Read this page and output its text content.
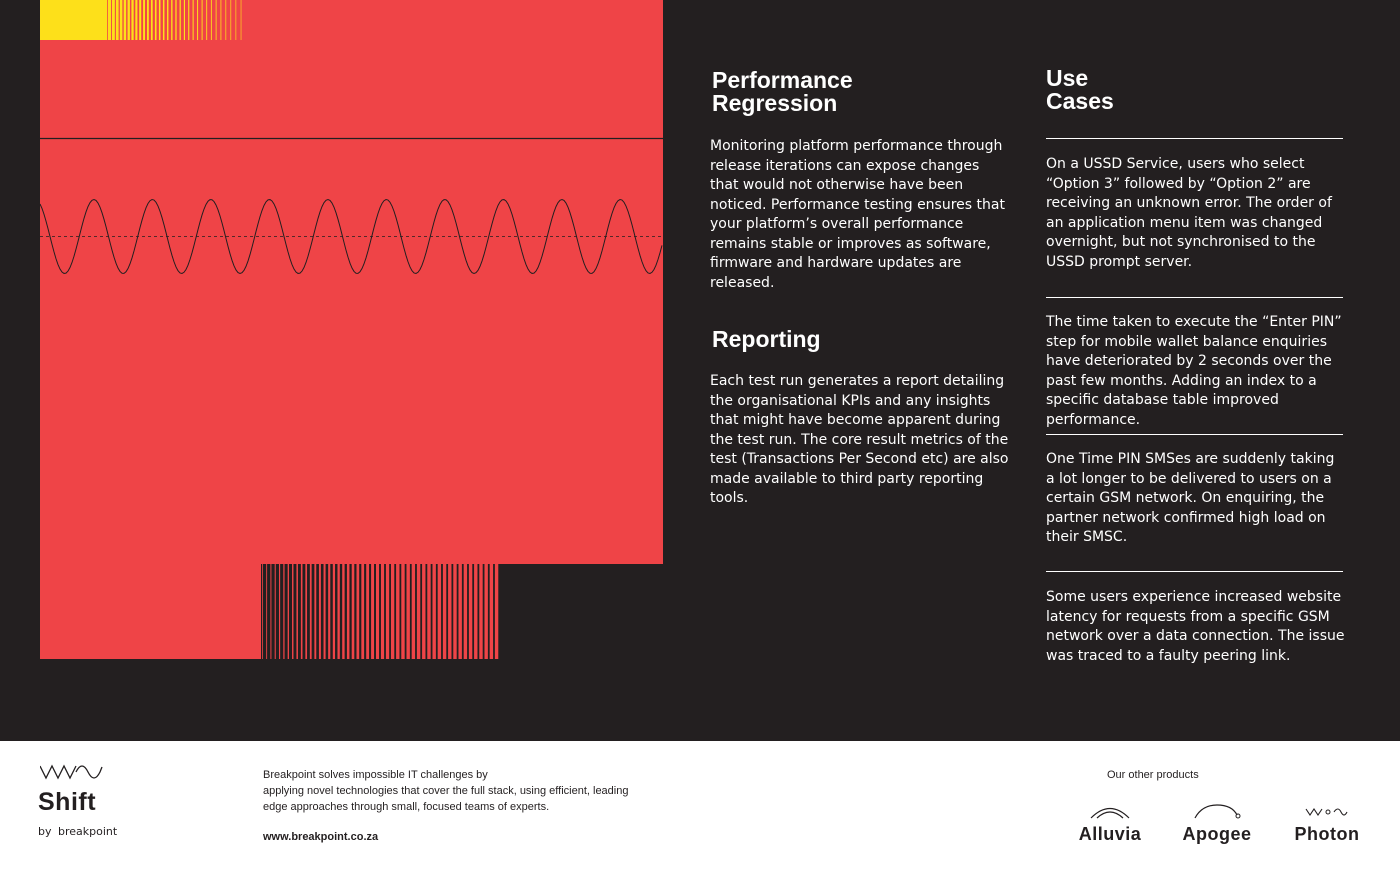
Performance
Regression

Monitoring platform performance through release iterations can expose changes that would not otherwise have been noticed. Performance testing ensures that your platform’s overall performance remains stable or improves as software, firmware and hardware updates are released.

Reporting

Each test run generates a report detailing the organisational KPIs and any insights that might have become apparent during the test run. The core result metrics of the test (Transactions Per Second etc) are also made available to third party reporting tools.

Use
Cases

On a USSD Service, users who select “Option 3” followed by “Option 2” are receiving an unknown error. The order of an application menu item was changed overnight, but not synchronised to the USSD prompt server.

The time taken to execute the “Enter PIN” step for mobile wallet balance enquiries have deteriorated by 2 seconds over the past few months. Adding an index to a specific database table improved performance.

One Time PIN SMSes are suddenly taking a lot longer to be delivered to users on a certain GSM network. On enquiring, the partner network confirmed high load on their SMSC.

Some users experience increased website latency for requests from a specific GSM network over a data connection. The issue was traced to a faulty peering link.

Shift
by breakpoint
Breakpoint solves impossible IT challenges by
applying novel technologies that cover the full stack, using efficient, leading
edge approaches through small, focused teams of experts.
www.breakpoint.co.za
Our other products
Alluvia	Apogee	Photon
